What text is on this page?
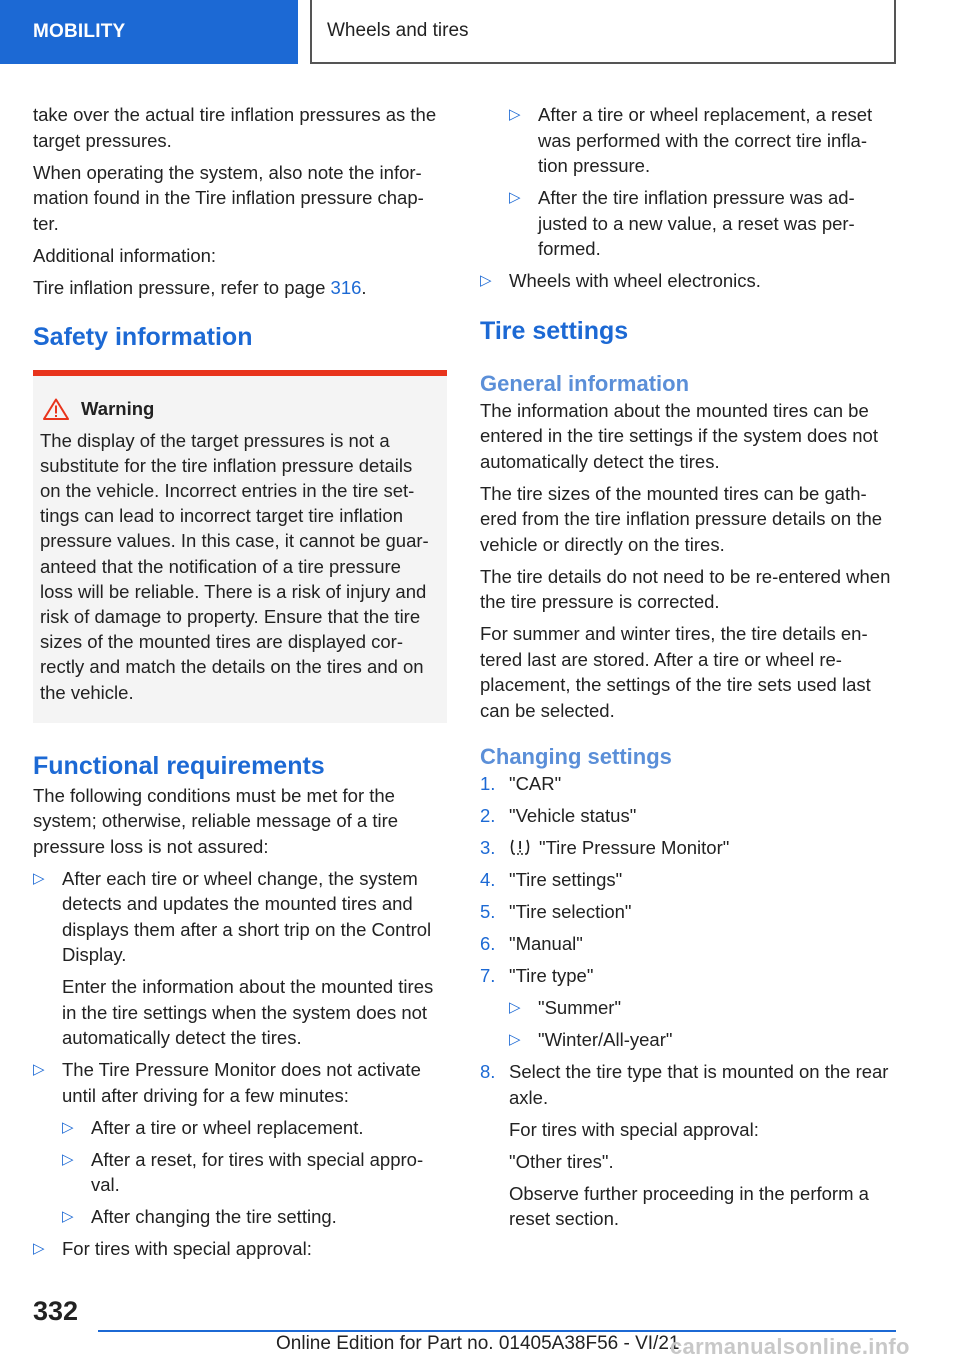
MOBILITY	Wheels and tires

take over the actual tire inflation pressures as the target pressures.

When operating the system, also note the infor- mation found in the Tire inflation pressure chap- ter.

Additional information:

Tire inflation pressure, refer to page 316.

Safety information
Warning
The display of the target pressures is not a substitute for the tire inflation pressure details on the vehicle. Incorrect entries in the tire set- tings can lead to incorrect target tire inflation pressure values. In this case, it cannot be guar- anteed that the notification of a tire pressure loss will be reliable. There is a risk of injury and risk of damage to property. Ensure that the tire sizes of the mounted tires are displayed cor- rectly and match the details on the tires and on the vehicle.
Functional requirements

The following conditions must be met for the system; otherwise, reliable message of a tire pressure loss is not assured:

▷ After each tire or wheel change, the system detects and updates the mounted tires and displays them after a short trip on the Control Display.
Enter the information about the mounted tires in the tire settings when the system does not automatically detect the tires.
▷ The Tire Pressure Monitor does not activate until after driving for a few minutes:
▷ After a tire or wheel replacement.
▷ After a reset, for tires with special appro- val.
▷ After changing the tire setting.
▷ For tires with special approval:
▷ After a tire or wheel replacement, a reset was performed with the correct tire infla- tion pressure.
▷ After the tire inflation pressure was ad- justed to a new value, a reset was per- formed.
▷ Wheels with wheel electronics.
Tire settings
General information

The information about the mounted tires can be entered in the tire settings if the system does not automatically detect the tires.

The tire sizes of the mounted tires can be gath- ered from the tire inflation pressure details on the vehicle or directly on the tires.

The tire details do not need to be re-entered when the tire pressure is corrected.

For summer and winter tires, the tire details en- tered last are stored. After a tire or wheel re- placement, the settings of the tire sets used last can be selected.

Changing settings
1. "CAR"
2. "Vehicle status"
3. "Tire Pressure Monitor"
4. "Tire settings"
5. "Tire selection"
6. "Manual"
7. "Tire type"
▷ "Summer"
▷ "Winter/All-year"
8. Select the tire type that is mounted on the rear axle.
For tires with special approval:
"Other tires".
Observe further proceeding in the perform a reset section.
332
Online Edition for Part no. 01405A38F56 - VI/21
carmanualsonline.info
